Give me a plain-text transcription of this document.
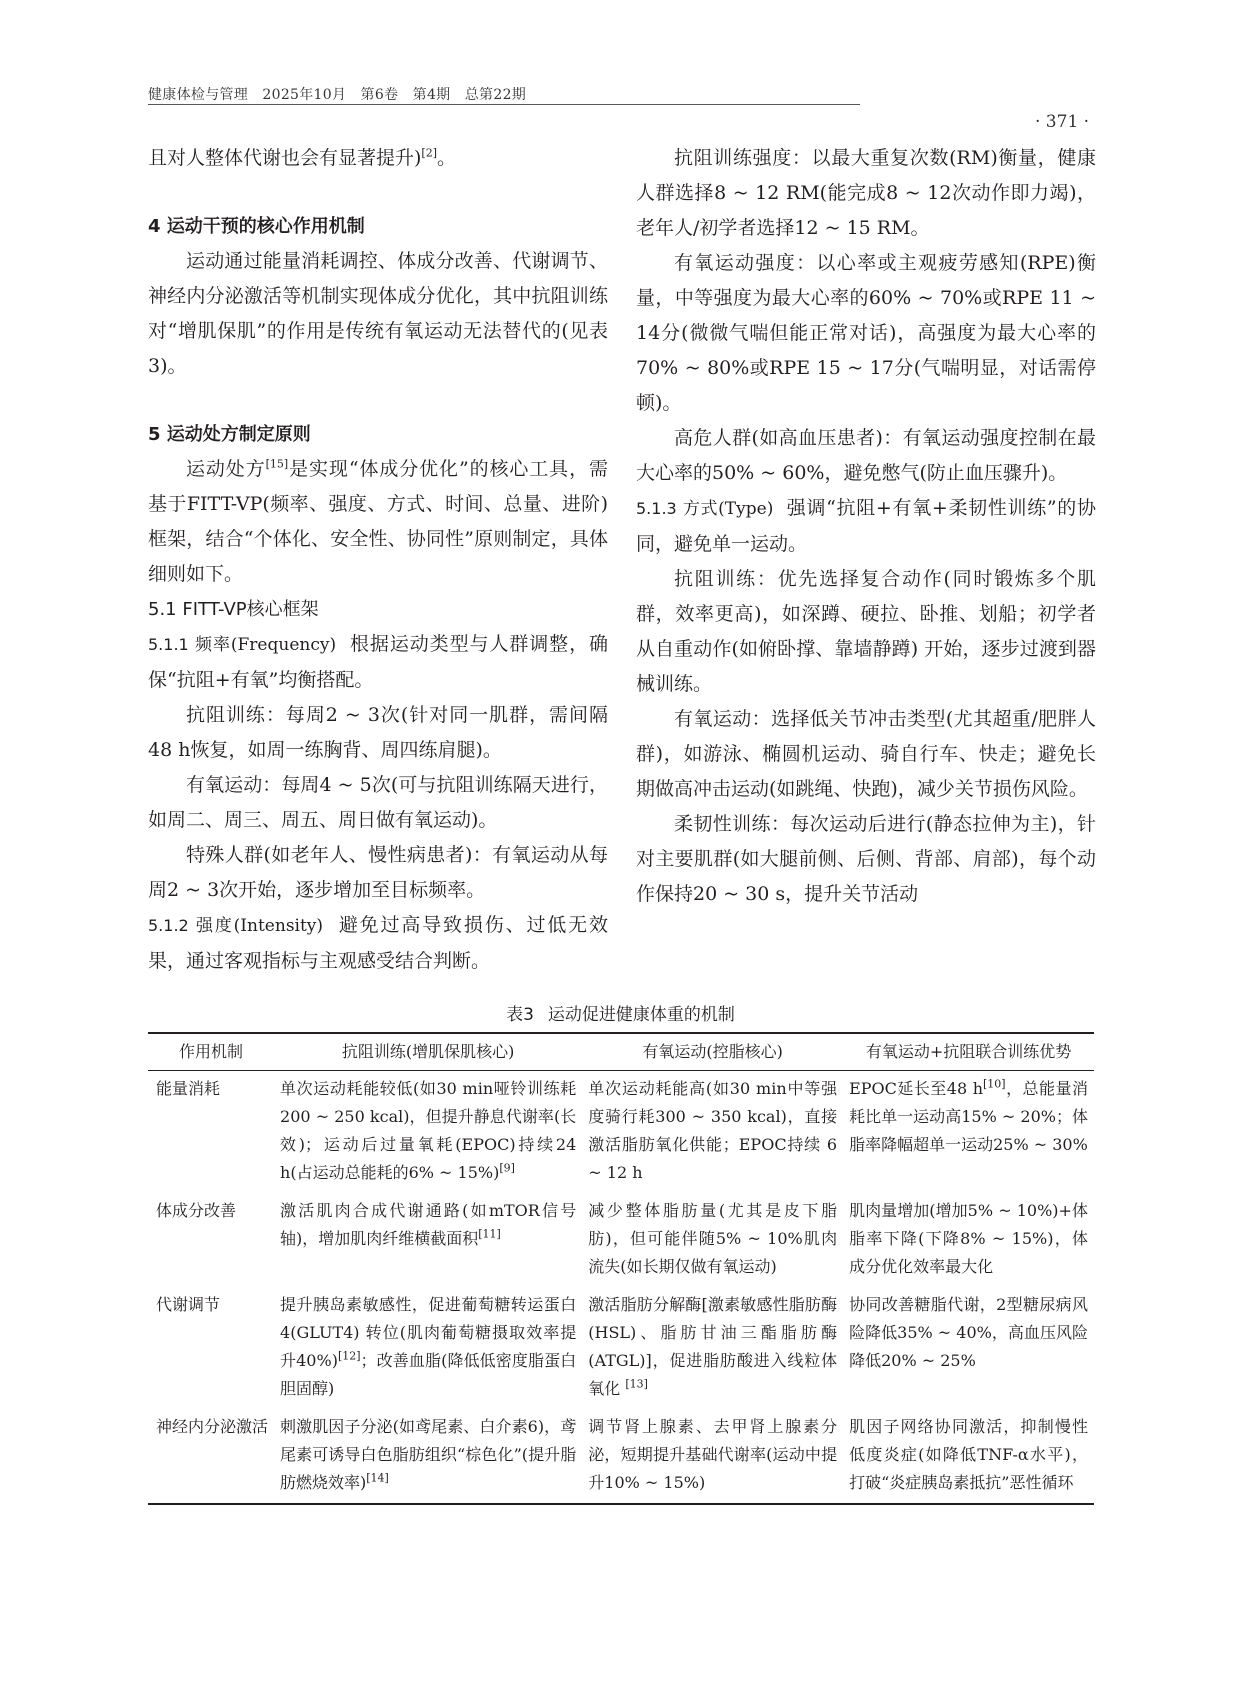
健康体检与管理　2025年10月　第6卷　第4期　总第22期
· 371 ·

且对人整体代谢也会有显著提升)[2]。

4 运动干预的核心作用机制

运动通过能量消耗调控、体成分改善、代谢调节、神经内分泌激活等机制实现体成分优化，其中抗阻训练对“增肌保肌”的作用是传统有氧运动无法替代的(见表3)。

5 运动处方制定原则

运动处方[15]是实现“体成分优化”的核心工具，需基于FITT-VP(频率、强度、方式、时间、总量、进阶)框架，结合“个体化、安全性、协同性”原则制定，具体细则如下。

5.1 FITT-VP核心框架

5.1.1 频率(Frequency) 根据运动类型与人群调整，确保“抗阻+有氧”均衡搭配。

抗阻训练：每周2 ~ 3次(针对同一肌群，需间隔48 h恢复，如周一练胸背、周四练肩腿)。

有氧运动：每周4 ~ 5次(可与抗阻训练隔天进行，如周二、周三、周五、周日做有氧运动)。

特殊人群(如老年人、慢性病患者)：有氧运动从每周2 ~ 3次开始，逐步增加至目标频率。

5.1.2 强度(Intensity) 避免过高导致损伤、过低无效果，通过客观指标与主观感受结合判断。

抗阻训练强度：以最大重复次数(RM)衡量，健康人群选择8 ~ 12 RM(能完成8 ~ 12次动作即力竭)，老年人/初学者选择12 ~ 15 RM。

有氧运动强度：以心率或主观疲劳感知(RPE)衡量，中等强度为最大心率的60% ~ 70%或RPE 11 ~ 14分(微微气喘但能正常对话)，高强度为最大心率的70% ~ 80%或RPE 15 ~ 17分(气喘明显，对话需停顿)。

高危人群(如高血压患者)：有氧运动强度控制在最大心率的50% ~ 60%，避免憋气(防止血压骤升)。

5.1.3 方式(Type) 强调“抗阻+有氧+柔韧性训练”的协同，避免单一运动。

抗阻训练：优先选择复合动作(同时锻炼多个肌群，效率更高)，如深蹲、硬拉、卧推、划船；初学者从自重动作(如俯卧撑、靠墙静蹲) 开始，逐步过渡到器械训练。

有氧运动：选择低关节冲击类型(尤其超重/肥胖人群)，如游泳、椭圆机运动、骑自行车、快走；避免长期做高冲击运动(如跳绳、快跑)，减少关节损伤风险。

柔韧性训练：每次运动后进行(静态拉伸为主)，针对主要肌群(如大腿前侧、后侧、背部、肩部)，每个动作保持20 ~ 30 s，提升关节活动

表3 运动促进健康体重的机制
作用机制	抗阻训练(增肌保肌核心)	有氧运动(控脂核心)	有氧运动+抗阻联合训练优势
能量消耗	单次运动耗能较低(如30 min哑铃训练耗200 ~ 250 kcal)，但提升静息代谢率(长效)；运动后过量氧耗(EPOC)持续24 h(占运动总能耗的6% ~ 15%)[9]	单次运动耗能高(如30 min中等强度骑行耗300 ~ 350 kcal)，直接激活脂肪氧化供能；EPOC持续 6 ~ 12 h	EPOC延长至48 h[10]，总能量消耗比单一运动高15% ~ 20%；体脂率降幅超单一运动25% ~ 30%
体成分改善	激活肌肉合成代谢通路(如mTOR信号轴)，增加肌肉纤维横截面积[11]	减少整体脂肪量(尤其是皮下脂肪)，但可能伴随5% ~ 10%肌肉流失(如长期仅做有氧运动)	肌肉量增加(增加5% ~ 10%)+体脂率下降(下降8% ~ 15%)，体成分优化效率最大化
代谢调节	提升胰岛素敏感性，促进葡萄糖转运蛋白4(GLUT4) 转位(肌肉葡萄糖摄取效率提升40%)[12]；改善血脂(降低低密度脂蛋白胆固醇)	激活脂肪分解酶[激素敏感性脂肪酶(HSL)、脂肪甘油三酯脂肪酶(ATGL)]，促进脂肪酸进入线粒体氧化 [13]	协同改善糖脂代谢，2型糖尿病风险降低35% ~ 40%，高血压风险降低20% ~ 25%
神经内分泌激活	刺激肌因子分泌(如鸢尾素、白介素6)，鸢尾素可诱导白色脂肪组织“棕色化”(提升脂肪燃烧效率)[14]	调节肾上腺素、去甲肾上腺素分泌，短期提升基础代谢率(运动中提升10% ~ 15%)	肌因子网络协同激活，抑制慢性低度炎症(如降低TNF-α水平)，打破“炎症胰岛素抵抗”恶性循环
